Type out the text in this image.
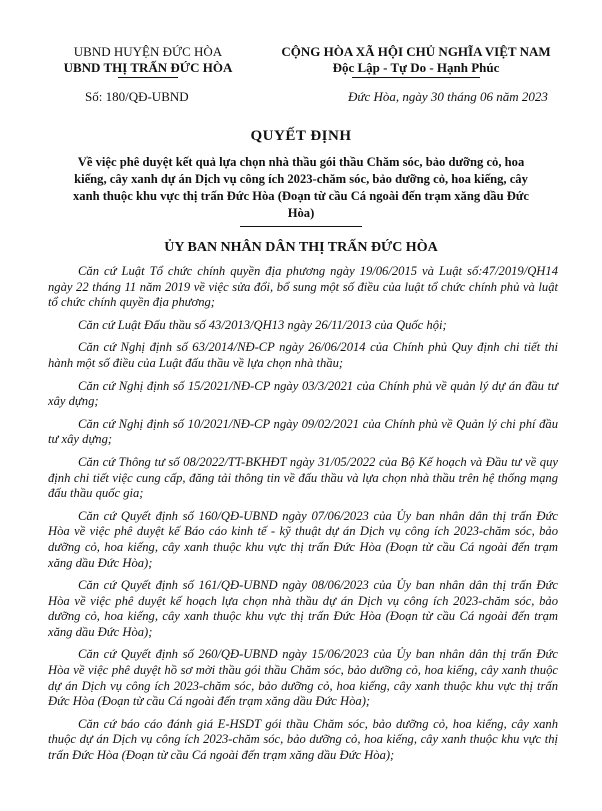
UBND HUYỆN ĐỨC HÒA
UBND THỊ TRẤN ĐỨC HÒA
CỘNG HÒA XÃ HỘI CHỦ NGHĨA VIỆT NAM
Độc Lập - Tự Do - Hạnh Phúc
Số: 180/QĐ-UBND	Đức Hòa, ngày 30 tháng 06 năm 2023
QUYẾT ĐỊNH
Về việc phê duyệt kết quả lựa chọn nhà thầu gói thầu Chăm sóc, bảo dưỡng cỏ, hoa kiếng, cây xanh dự án Dịch vụ công ích 2023-chăm sóc, bảo dưỡng cỏ, hoa kiếng, cây xanh thuộc khu vực thị trấn Đức Hòa (Đoạn từ cầu Cá ngoài đến trạm xăng dầu Đức Hòa)
ỦY BAN NHÂN DÂN THỊ TRẤN ĐỨC HÒA

Căn cứ Luật Tổ chức chính quyền địa phương ngày 19/06/2015 và Luật số:47/2019/QH14 ngày 22 tháng 11 năm 2019 về việc sửa đổi, bổ sung một số điều của luật tổ chức chính phủ và luật tổ chức chính quyền địa phương;

Căn cứ Luật Đấu thầu số 43/2013/QH13 ngày 26/11/2013 của Quốc hội;

Căn cứ Nghị định số 63/2014/NĐ-CP ngày 26/06/2014 của Chính phủ Quy định chi tiết thi hành một số điều của Luật đấu thầu về lựa chọn nhà thầu;

Căn cứ Nghị định số 15/2021/NĐ-CP ngày 03/3/2021 của Chính phủ về quản lý dự án đầu tư xây dựng;

Căn cứ Nghị định số 10/2021/NĐ-CP ngày 09/02/2021 của Chính phủ về Quản lý chi phí đầu tư xây dựng;

Căn cứ Thông tư số 08/2022/TT-BKHĐT ngày 31/05/2022 của Bộ Kế hoạch và Đầu tư về quy định chi tiết việc cung cấp, đăng tải thông tin về đấu thầu và lựa chọn nhà thầu trên hệ thống mạng đấu thầu quốc gia;

Căn cứ Quyết định số 160/QĐ-UBND ngày 07/06/2023 của Ủy ban nhân dân thị trấn Đức Hòa về việc phê duyệt kế Báo cáo kinh tế - kỹ thuật dự án Dịch vụ công ích 2023-chăm sóc, bảo dưỡng cỏ, hoa kiếng, cây xanh thuộc khu vực thị trấn Đức Hòa (Đoạn từ cầu Cá ngoài đến trạm xăng dầu Đức Hòa);

Căn cứ Quyết định số 161/QĐ-UBND ngày 08/06/2023 của Ủy ban nhân dân thị trấn Đức Hòa về việc phê duyệt kế hoạch lựa chọn nhà thầu dự án Dịch vụ công ích 2023-chăm sóc, bảo dưỡng cỏ, hoa kiếng, cây xanh thuộc khu vực thị trấn Đức Hòa (Đoạn từ cầu Cá ngoài đến trạm xăng dầu Đức Hòa);

Căn cứ Quyết định số 260/QĐ-UBND ngày 15/06/2023 của Ủy ban nhân dân thị trấn Đức Hòa về việc phê duyệt hồ sơ mời thầu gói thầu Chăm sóc, bảo dưỡng cỏ, hoa kiếng, cây xanh thuộc dự án Dịch vụ công ích 2023-chăm sóc, bảo dưỡng cỏ, hoa kiếng, cây xanh thuộc khu vực thị trấn Đức Hòa (Đoạn từ cầu Cá ngoài đến trạm xăng dầu Đức Hòa);

Căn cứ báo cáo đánh giá E-HSDT gói thầu Chăm sóc, bảo dưỡng cỏ, hoa kiếng, cây xanh thuộc dự án Dịch vụ công ích 2023-chăm sóc, bảo dưỡng cỏ, hoa kiếng, cây xanh thuộc khu vực thị trấn Đức Hòa (Đoạn từ cầu Cá ngoài đến trạm xăng dầu Đức Hòa);
